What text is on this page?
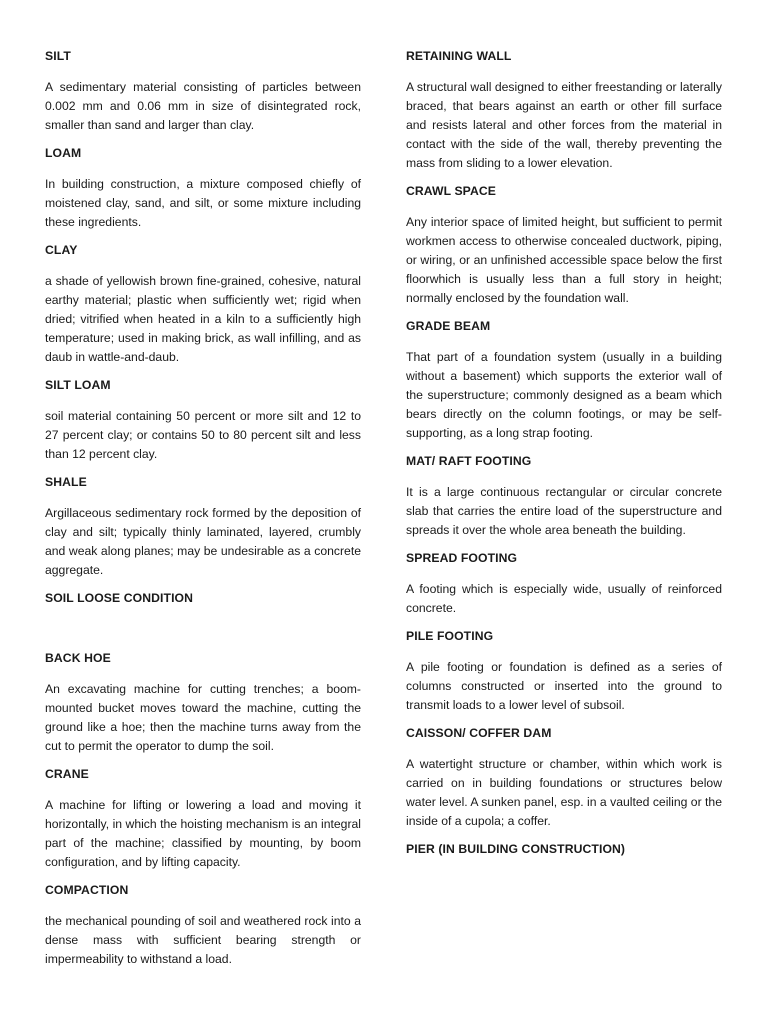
SILT
A sedimentary material consisting of particles between 0.002 mm and 0.06 mm in size of disintegrated rock, smaller than sand and larger than clay.
LOAM
In building construction, a mixture composed chiefly of moistened clay, sand, and silt, or some mixture including these ingredients.
CLAY
a shade of yellowish brown fine-grained, cohesive, natural earthy material; plastic when sufficiently wet; rigid when dried; vitrified when heated in a kiln to a sufficiently high temperature; used in making brick, as wall infilling, and as daub in wattle-and-daub.
SILT LOAM
soil material containing 50 percent or more silt and 12 to 27 percent clay; or contains 50 to 80 percent silt and less than 12 percent clay.
SHALE
Argillaceous sedimentary rock formed by the deposition of clay and silt; typically thinly laminated, layered, crumbly and weak along planes; may be undesirable as a concrete aggregate.
SOIL LOOSE CONDITION
BACK HOE
An excavating machine for cutting trenches; a boom-mounted bucket moves toward the machine, cutting the ground like a hoe; then the machine turns away from the cut to permit the operator to dump the soil.
CRANE
A machine for lifting or lowering a load and moving it horizontally, in which the hoisting mechanism is an integral part of the machine; classified by mounting, by boom configuration, and by lifting capacity.
COMPACTION
the mechanical pounding of soil and weathered rock into a dense mass with sufficient bearing strength or impermeability to withstand a load.
RETAINING WALL
A structural wall designed to either freestanding or laterally braced, that bears against an earth or other fill surface and resists lateral and other forces from the material in contact with the side of the wall, thereby preventing the mass from sliding to a lower elevation.
CRAWL SPACE
Any interior space of limited height, but sufficient to permit workmen access to otherwise concealed ductwork, piping, or wiring, or an unfinished accessible space below the first floorwhich is usually less than a full story in height; normally enclosed by the foundation wall.
GRADE BEAM
That part of a foundation system (usually in a building without a basement) which supports the exterior wall of the superstructure; commonly designed as a beam which bears directly on the column footings, or may be self-supporting, as a long strap footing.
MAT/ RAFT FOOTING
It is a large continuous rectangular or circular concrete slab that carries the entire load of the superstructure and spreads it over the whole area beneath the building.
SPREAD FOOTING
A footing which is especially wide, usually of reinforced concrete.
PILE FOOTING
A pile footing or foundation is defined as a series of columns constructed or inserted into the ground to transmit loads to a lower level of subsoil.
CAISSON/ COFFER DAM
A watertight structure or chamber, within which work is carried on in building foundations or structures below water level. A sunken panel, esp. in a vaulted ceiling or the inside of a cupola; a coffer.
PIER (IN BUILDING CONSTRUCTION)
